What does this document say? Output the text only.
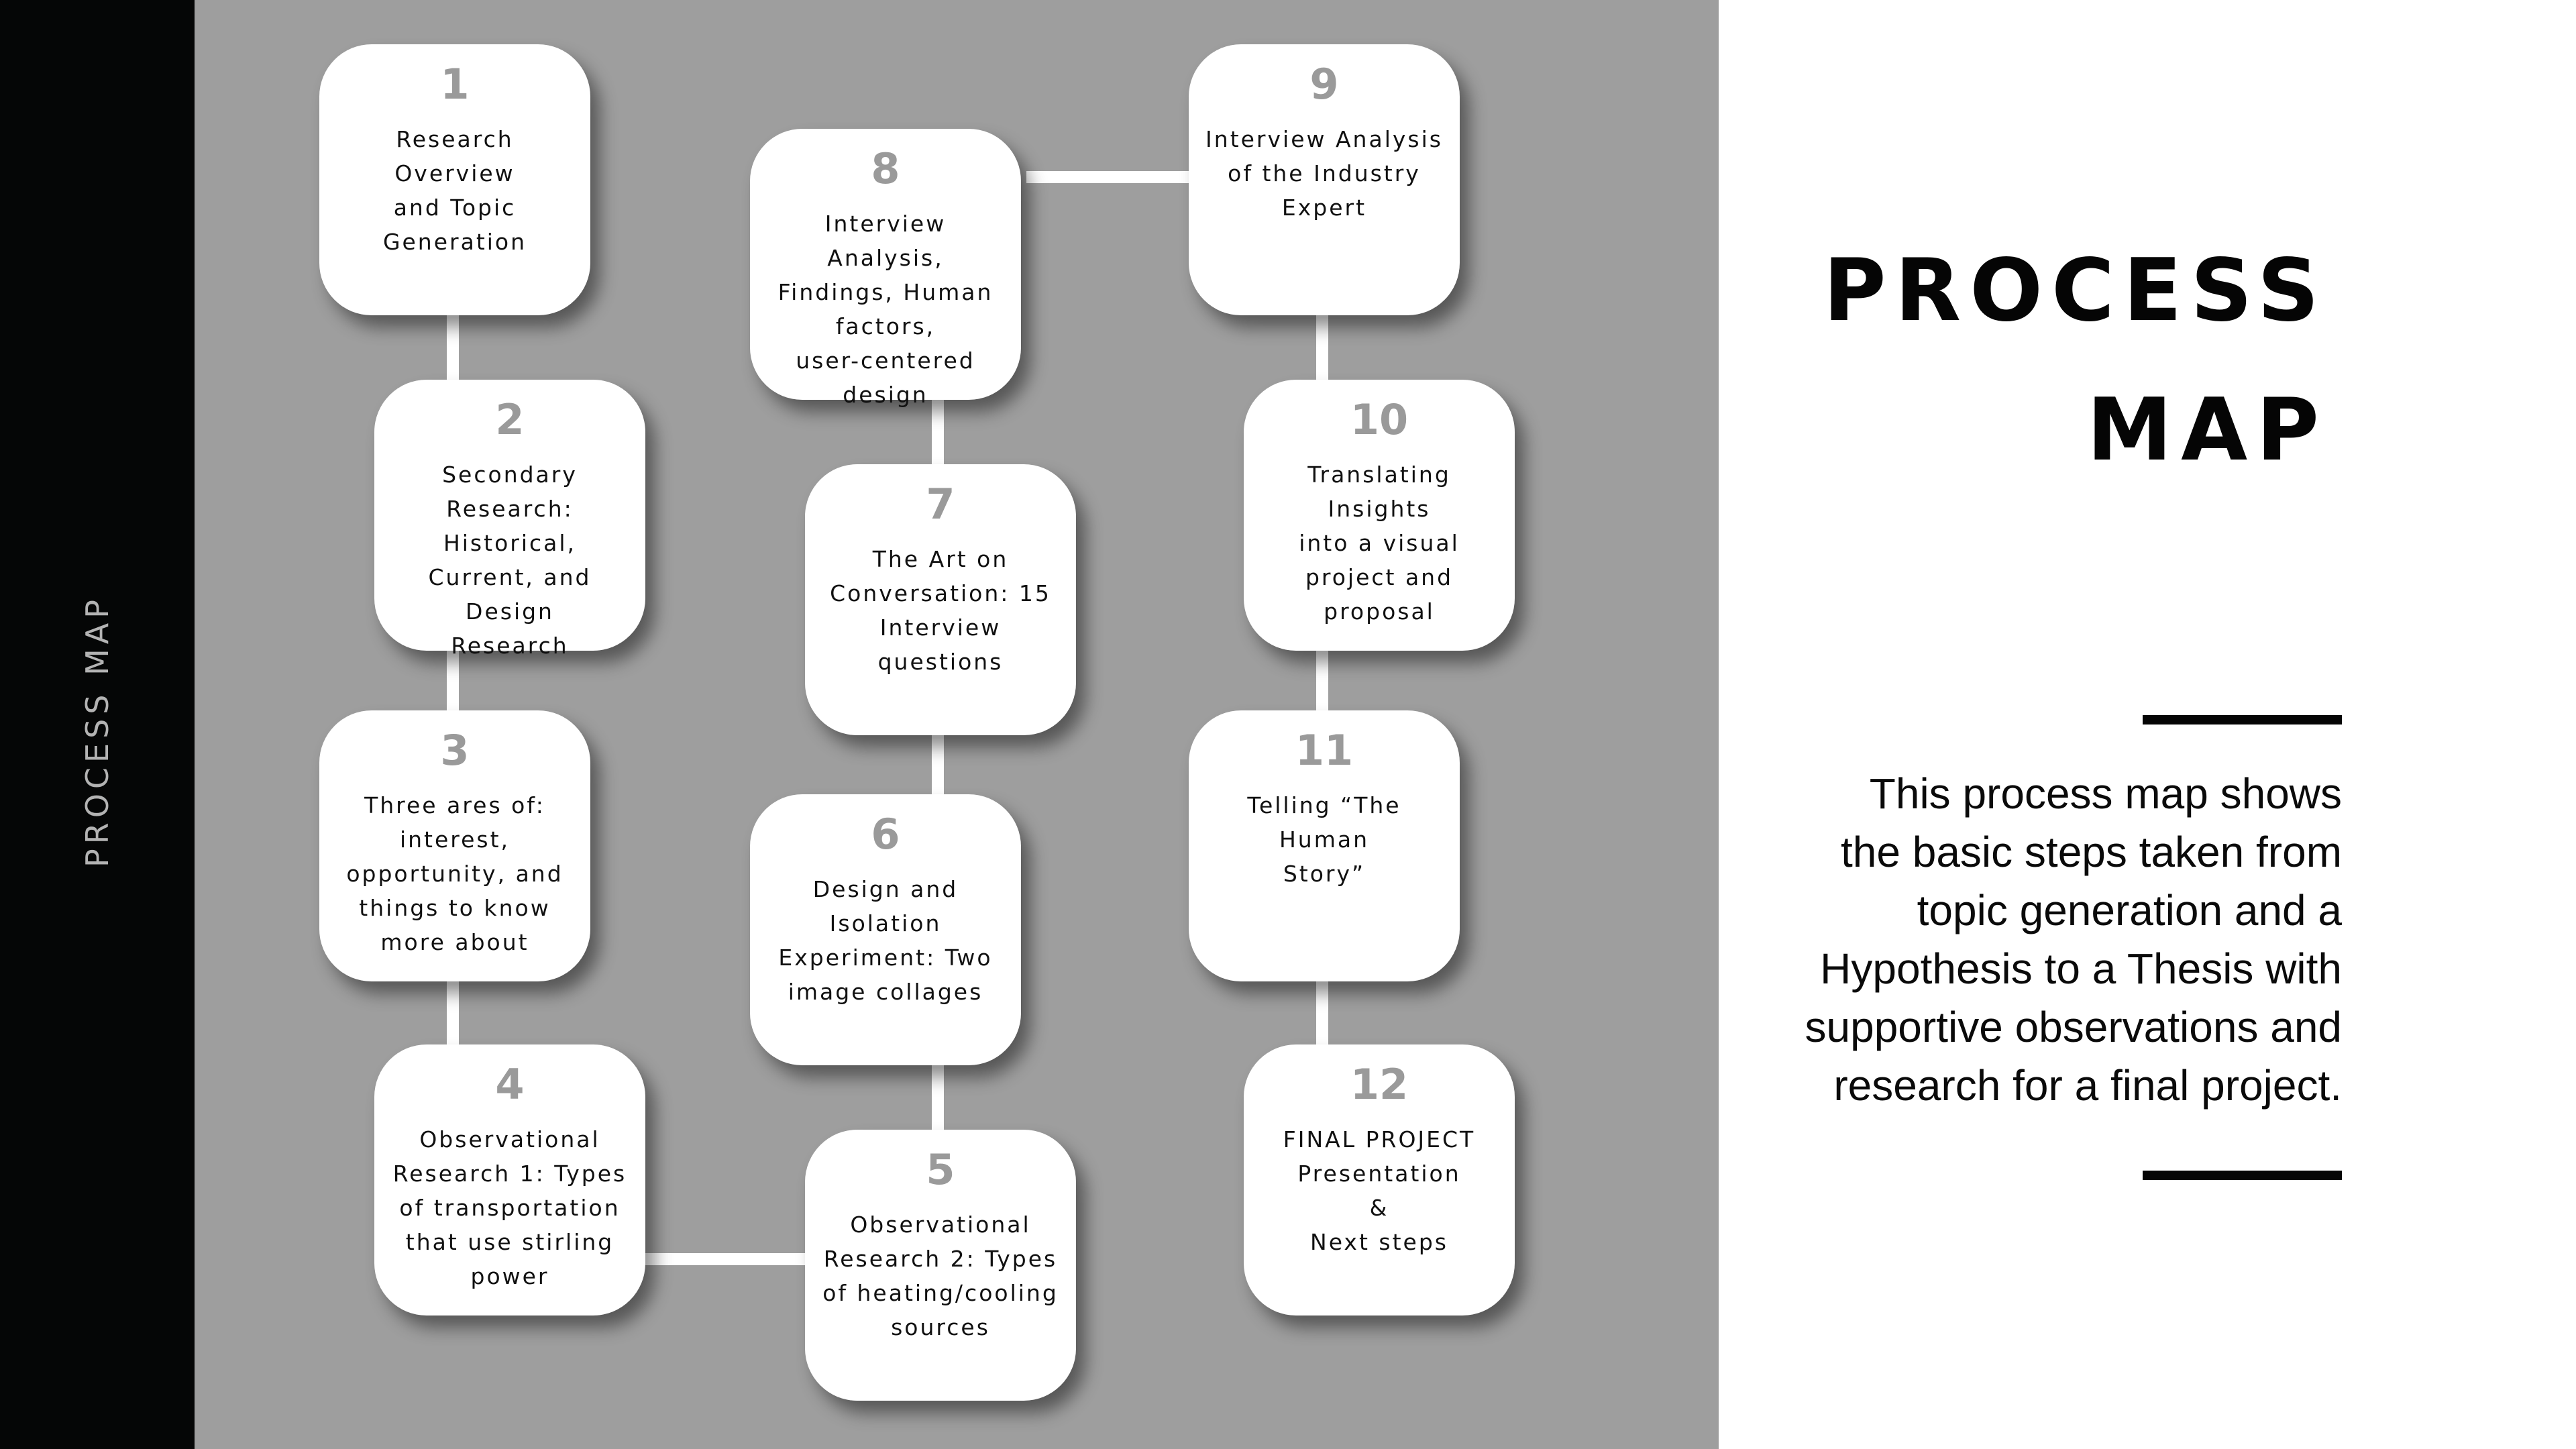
PROCESS MAP
1
Research Overview
and Topic
Generation
2
Secondary
Research: Historical,
Current, and Design
Research
3
Three ares of:
interest,
opportunity, and
things to know
more about
4
Observational
Research 1: Types
of transportation
that use stirling
power
5
Observational
Research 2: Types
of heating/cooling
sources
6
Design and
Isolation
Experiment: Two
image collages
7
The Art on
Conversation: 15
Interview questions
8
Interview Analysis,
Findings, Human
factors,
user-centered
design
9
Interview Analysis
of the Industry
Expert
10
Translating Insights
into a visual
project and
proposal
11
Telling “The Human
Story”
12
FINAL PROJECT
Presentation
&
Next steps
PROCESS
MAP
This process map shows
the basic steps taken from
topic generation and a
Hypothesis to a Thesis with
supportive observations and
research for a final project.
